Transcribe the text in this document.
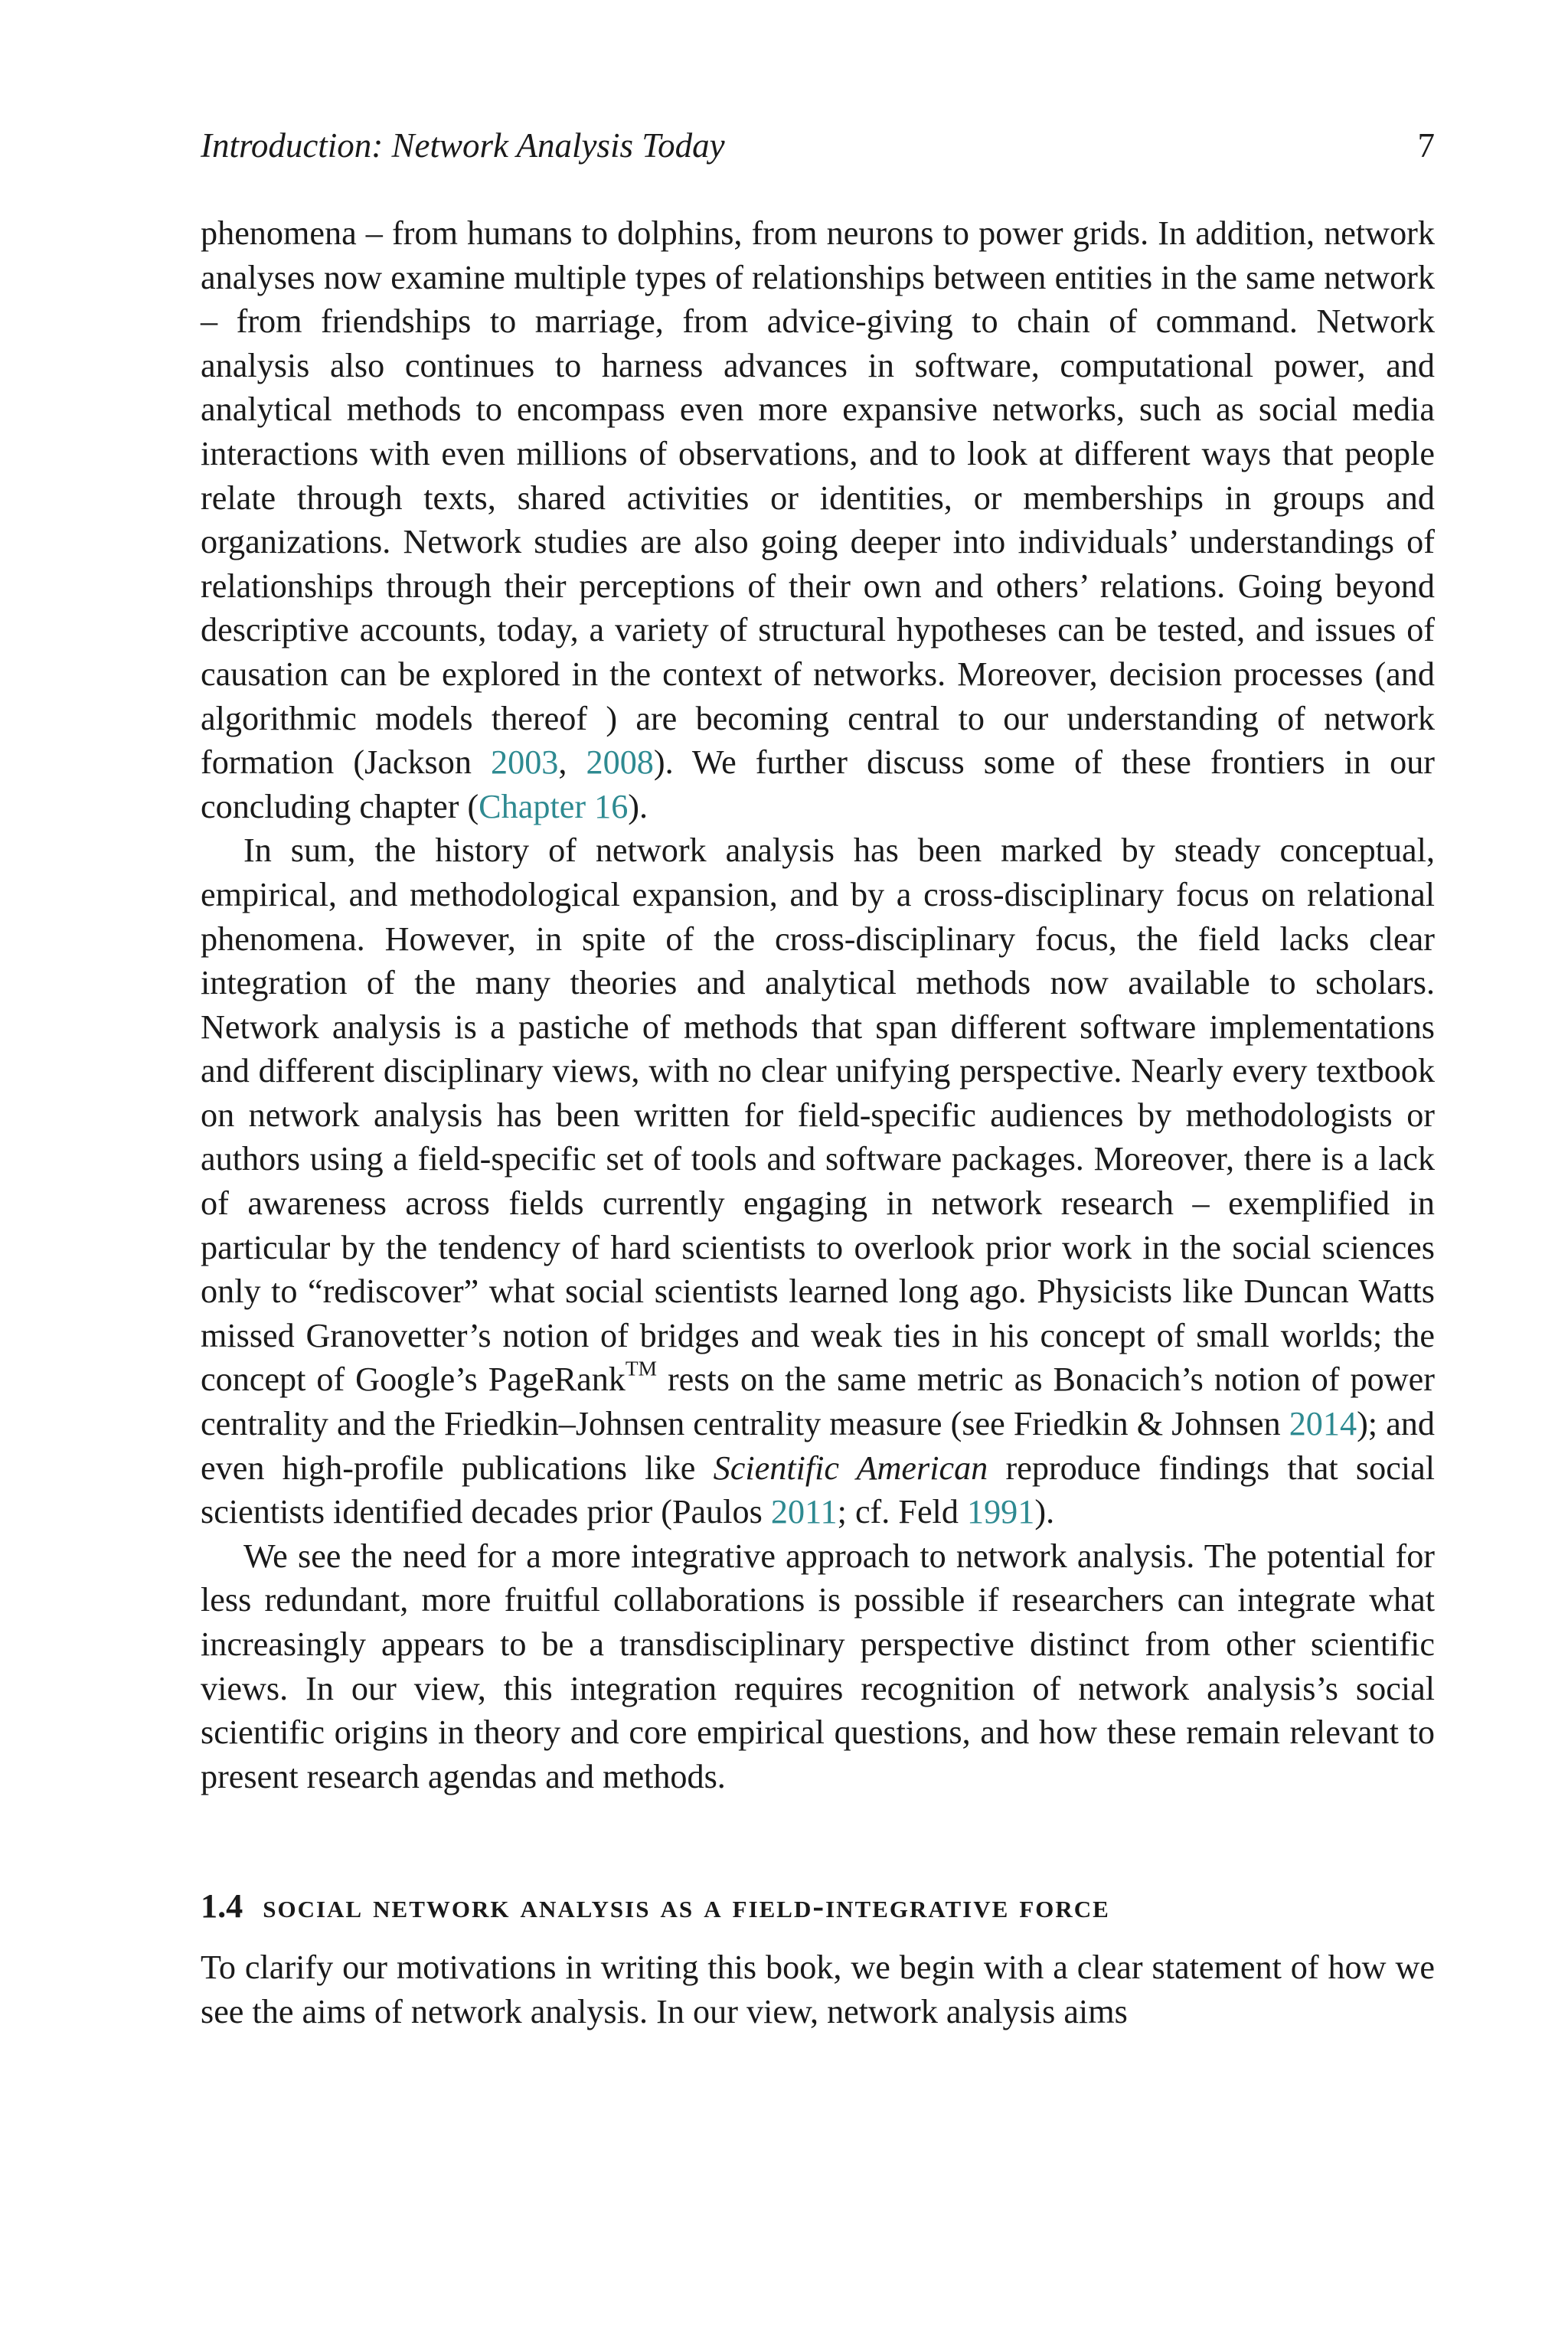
Introduction: Network Analysis Today	7

phenomena – from humans to dolphins, from neurons to power grids. In addition, network analyses now examine multiple types of relationships between entities in the same network – from friendships to marriage, from advice-giving to chain of command. Network analysis also continues to harness advances in software, computational power, and analytical methods to encompass even more expansive networks, such as social media interactions with even millions of observations, and to look at different ways that people relate through texts, shared activities or identities, or memberships in groups and organizations. Network studies are also going deeper into individuals’ understandings of relationships through their perceptions of their own and others’ relations. Going beyond descriptive accounts, today, a variety of structural hypotheses can be tested, and issues of causation can be explored in the context of networks. Moreover, decision processes (and algorithmic models thereof ) are becoming central to our understanding of network formation (Jackson 2003, 2008). We further discuss some of these frontiers in our concluding chapter (Chapter 16).

In sum, the history of network analysis has been marked by steady conceptual, empirical, and methodological expansion, and by a cross-disciplinary focus on relational phenomena. However, in spite of the cross-disciplinary focus, the field lacks clear integration of the many theories and analytical methods now available to scholars. Network analysis is a pastiche of methods that span different software implementations and different disciplinary views, with no clear unifying perspective. Nearly every textbook on network analysis has been written for field-specific audiences by methodologists or authors using a field-specific set of tools and software packages. Moreover, there is a lack of awareness across fields currently engaging in network research – exemplified in particular by the tendency of hard scientists to overlook prior work in the social sciences only to “rediscover” what social scientists learned long ago. Physicists like Duncan Watts missed Granovetter’s notion of bridges and weak ties in his concept of small worlds; the concept of Google’s PageRank™ rests on the same metric as Bonacich’s notion of power centrality and the Friedkin–Johnsen centrality measure (see Friedkin & Johnsen 2014); and even high-profile publications like Scientific American reproduce findings that social scientists identified decades prior (Paulos 2011; cf. Feld 1991).

We see the need for a more integrative approach to network analysis. The potential for less redundant, more fruitful collaborations is possible if researchers can integrate what increasingly appears to be a transdisciplinary perspective distinct from other scientific views. In our view, this integration requires recognition of network analysis’s social scientific origins in theory and core empirical questions, and how these remain relevant to present research agendas and methods.

1.4 social network analysis as a field-integrative force

To clarify our motivations in writing this book, we begin with a clear statement of how we see the aims of network analysis. In our view, network analysis aims
